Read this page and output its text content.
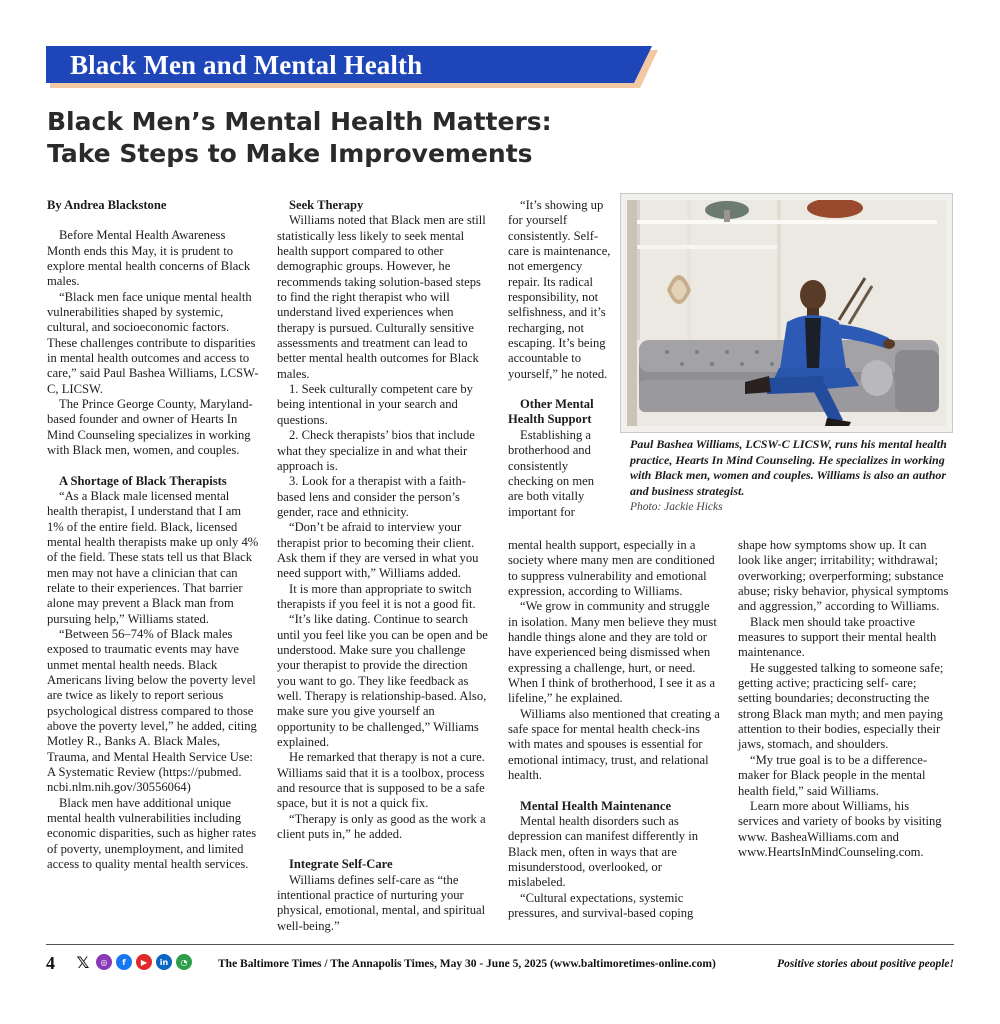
Black Men and Mental Health
Black Men’s Mental Health Matters:
Take Steps to Make Improvements

By Andrea Blackstone

Before Mental Health Awareness Month ends this May, it is prudent to explore mental health concerns of Black males.

“Black men face unique mental health vulnerabilities shaped by systemic, cultural, and socioeconomic factors. These challenges contribute to disparities in mental health outcomes and access to care,” said Paul Bashea Williams, LCSW-C, LICSW.

The Prince George County, Maryland-based founder and owner of Hearts In Mind Counseling specializes in working with Black men, women, and couples.

A Shortage of Black Therapists

“As a Black male licensed mental health therapist, I understand that I am 1% of the entire field. Black, licensed mental health therapists make up only 4% of the field. These stats tell us that Black men may not have a clinician that can relate to their experiences. That barrier alone may prevent a Black man from pursuing help,” Williams stated.

“Between 56–74% of Black males exposed to traumatic events may have unmet mental health needs. Black Americans living below the poverty level are twice as likely to report serious psychological distress compared to those above the poverty level,” he added, citing Motley R., Banks A. Black Males, Trauma, and Mental Health Service Use: A Systematic Review (https://pubmed. ncbi.nlm.nih.gov/30556064)

Black men have additional unique mental health vulnerabilities including economic disparities, such as higher rates of poverty, unemployment, and limited access to quality mental health services.

Seek Therapy

Williams noted that Black men are still statistically less likely to seek mental health support compared to other demographic groups. However, he recommends taking solution-based steps to find the right therapist who will understand lived experiences when therapy is pursued. Culturally sensitive assessments and treatment can lead to better mental health outcomes for Black males.

1. Seek culturally competent care by being intentional in your search and questions.

2. Check therapists’ bios that include what they specialize in and what their approach is.

3. Look for a therapist with a faith-based lens and consider the person’s gender, race and ethnicity.

“Don’t be afraid to interview your therapist prior to becoming their client. Ask them if they are versed in what you need support with,” Williams added.

It is more than appropriate to switch therapists if you feel it is not a good fit.

“It’s like dating. Continue to search until you feel like you can be open and be understood. Make sure you challenge your therapist to provide the direction you want to go. They like feedback as well. Therapy is relationship-based. Also, make sure you give yourself an opportunity to be challenged,” Williams explained.

He remarked that therapy is not a cure. Williams said that it is a toolbox, process and resource that is supposed to be a safe space, but it is not a quick fix.

“Therapy is only as good as the work a client puts in,” he added.

Integrate Self-Care

Williams defines self-care as “the intentional practice of nurturing your physical, emotional, mental, and spiritual well-being.”

“It’s showing up for yourself consistently. Self-care is maintenance, not emergency repair. Its radical responsibility, not selfishness, and it’s recharging, not escaping. It’s being accountable to yourself,” he noted.

Other Mental

Health Support

Establishing a brotherhood and consistently checking on men are both vitally important for

mental health support, especially in a society where many men are conditioned to suppress vulnerability and emotional expression, according to Williams.

“We grow in community and struggle in isolation. Many men believe they must handle things alone and they are told or have experienced being dismissed when expressing a challenge, hurt, or need. When I think of brotherhood, I see it as a lifeline,” he explained.

Williams also mentioned that creating a safe space for mental health check-ins with mates and spouses is essential for emotional intimacy, trust, and relational health.

Mental Health Maintenance

Mental health disorders such as depression can manifest differently in Black men, often in ways that are misunderstood, overlooked, or mislabeled.

“Cultural expectations, systemic pressures, and survival-based coping

shape how symptoms show up. It can look like anger; irritability; withdrawal; overworking; overperforming; substance abuse; risky behavior, physical symptoms and aggression,” according to Williams.

Black men should take proactive measures to support their mental health maintenance.

He suggested talking to someone safe; getting active; practicing self- care; setting boundaries; deconstructing the strong Black man myth; and men paying attention to their bodies, especially their jaws, stomach, and shoulders.

“My true goal is to be a difference-maker for Black people in the mental health field,” said Williams.

Learn more about Williams, his services and variety of books by visiting www. BasheaWilliams.com and www.HeartsInMindCounseling.com.

Paul Bashea Williams, LCSW-C LICSW, runs his mental health practice, Hearts In Mind Counseling. He specializes in working with Black men, women and couples. Williams is also an author and business strategist.
Photo: Jackie Hicks
4 𝕏	◎	f	▶	in	◔	The Baltimore Times / The Annapolis Times, May 30 - June 5, 2025 (www.baltimoretimes-online.com)	Positive stories about positive people!
